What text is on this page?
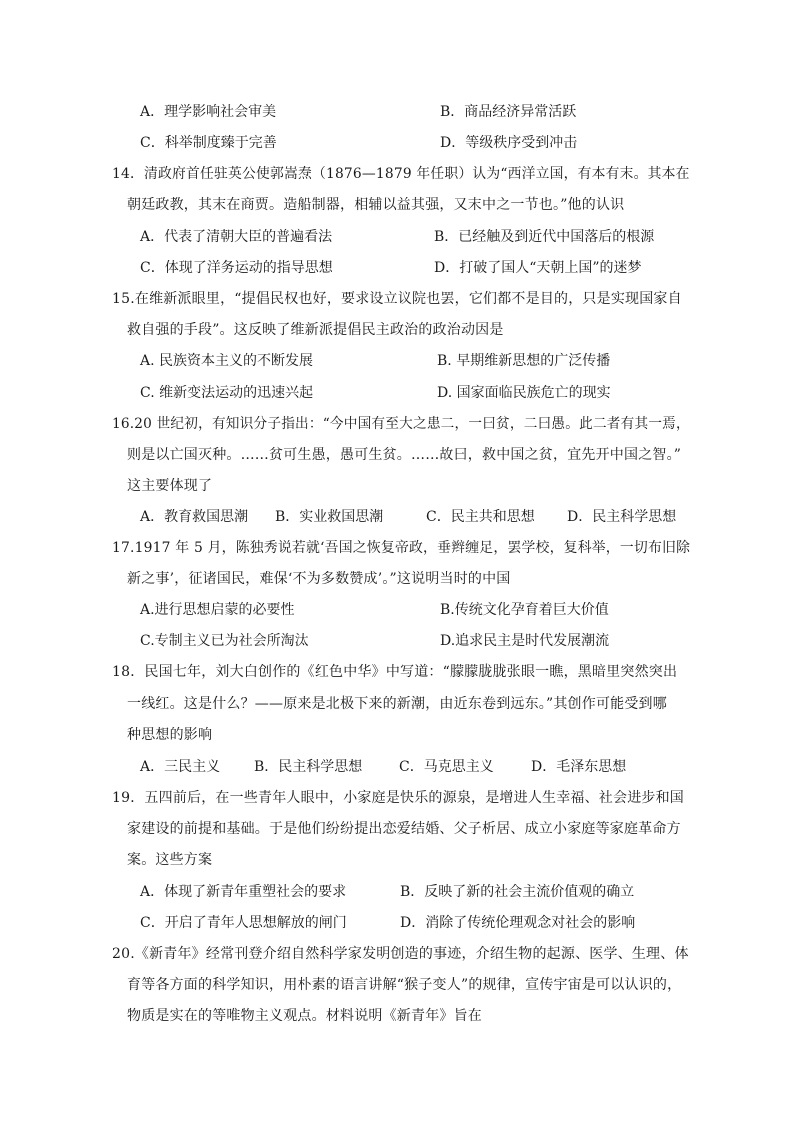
A．理学影响社会审美	B．商品经济异常活跃
C．科举制度臻于完善	D．等级秩序受到冲击
14．清政府首任驻英公使郭嵩焘（1876—1879 年任职）认为“西洋立国，有本有末。其本在
朝廷政教，其末在商贾。造船制器，相辅以益其强，又末中之一节也。”他的认识
A．代表了清朝大臣的普遍看法	B．已经触及到近代中国落后的根源
C．体现了洋务运动的指导思想	D．打破了国人“天朝上国”的迷梦
15.在维新派眼里，“提倡民权也好，要求设立议院也罢，它们都不是目的，只是实现国家自
救自强的手段”。这反映了维新派提倡民主政治的政治动因是
A. 民族资本主义的不断发展	B. 早期维新思想的广泛传播
C. 维新变法运动的迅速兴起	D. 国家面临民族危亡的现实
16.20 世纪初，有知识分子指出：“今中国有至大之患二，一曰贫，二曰愚。此二者有其一焉，
则是以亡国灭种。……贫可生愚，愚可生贫。……故曰，救中国之贫，宜先开中国之智。”
这主要体现了
A．教育救国思潮 B．实业救国思潮	C．民主共和思想 D．民主科学思想
17.1917 年 5 月，陈独秀说若就‘吾国之恢复帝政，垂辫缠足，罢学校，复科举，一切布旧除
新之事’，征诸国民，难保‘不为多数赞成’。”这说明当时的中国
A.进行思想启蒙的必要性	B.传统文化孕育着巨大价值
C.专制主义已为社会所淘汰	D.追求民主是时代发展潮流
18．民国七年，刘大白创作的《红色中华》中写道：“朦朦胧胧张眼一瞧，黑暗里突然突出
一线红。这是什么？——原来是北极下来的新潮，由近东卷到远东。”其创作可能受到哪
种思想的影响
A．三民主义 B．民主科学思想	C．马克思主义	D．毛泽东思想
19．五四前后，在一些青年人眼中，小家庭是快乐的源泉，是增进人生幸福、社会进步和国
家建设的前提和基础。于是他们纷纷提出恋爱结婚、父子析居、成立小家庭等家庭革命方
案。这些方案
A．体现了新青年重塑社会的要求	B．反映了新的社会主流价值观的确立
C．开启了青年人思想解放的闸门	D．消除了传统伦理观念对社会的影响
20.《新青年》经常刊登介绍自然科学家发明创造的事迹，介绍生物的起源、医学、生理、体
育等各方面的科学知识，用朴素的语言讲解“猴子变人”的规律，宣传宇宙是可以认识的，
物质是实在的等唯物主义观点。材料说明《新青年》旨在
